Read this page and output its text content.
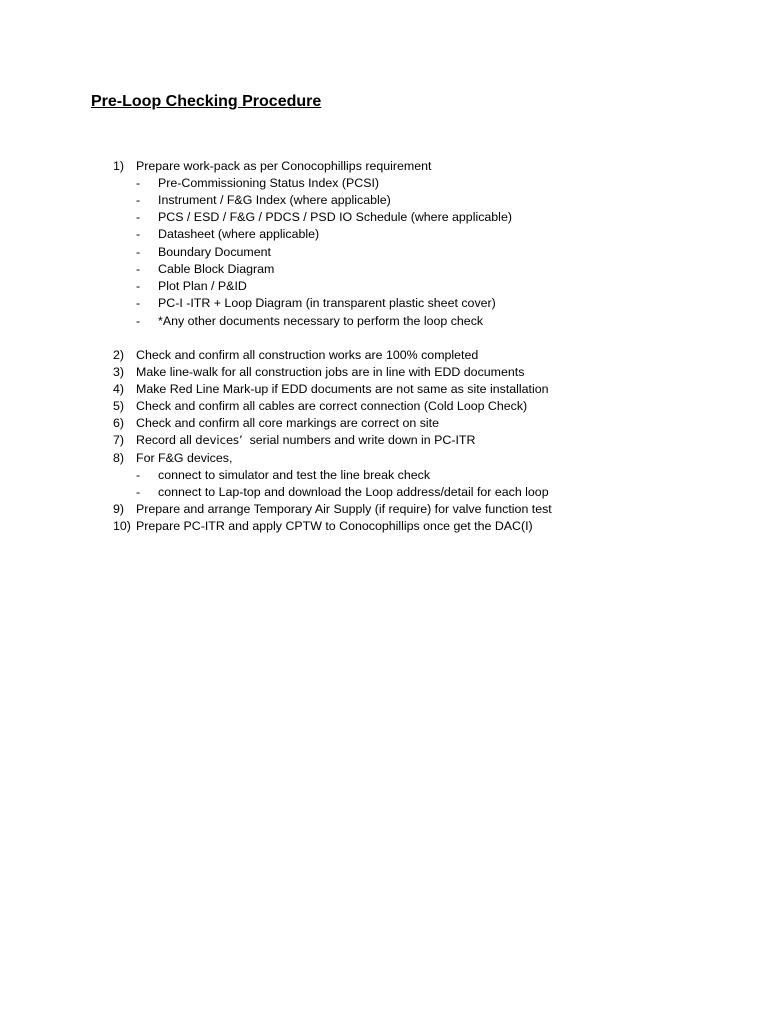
Pre-Loop Checking Procedure
1) Prepare work-pack as per Conocophillips requirement
- Pre-Commissioning Status Index (PCSI)
- Instrument / F&G Index (where applicable)
- PCS / ESD / F&G / PDCS / PSD IO Schedule (where applicable)
- Datasheet (where applicable)
- Boundary Document
- Cable Block Diagram
- Plot Plan / P&ID
- PC-I -ITR + Loop Diagram (in transparent plastic sheet cover)
- *Any other documents necessary to perform the loop check
2) Check and confirm all construction works are 100% completed
3) Make line-walk for all construction jobs are in line with EDD documents
4) Make Red Line Mark-up if EDD documents are not same as site installation
5) Check and confirm all cables are correct connection (Cold Loop Check)
6) Check and confirm all core markings are correct on site
7) Record all devices’ serial numbers and write down in PC-ITR
8) For F&G devices,
- connect to simulator and test the line break check
- connect to Lap-top and download the Loop address/detail for each loop
9) Prepare and arrange Temporary Air Supply (if require) for valve function test
10) Prepare PC-ITR and apply CPTW to Conocophillips once get the DAC(I)
